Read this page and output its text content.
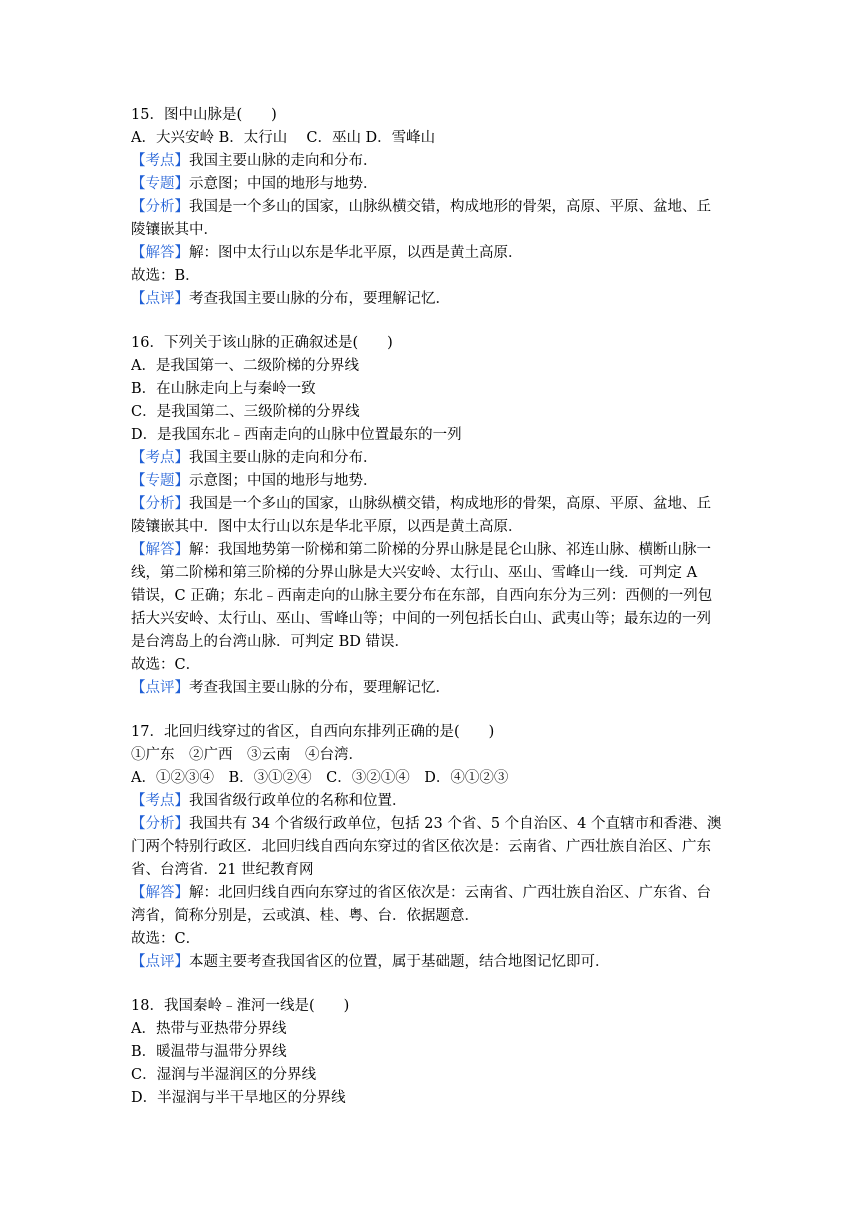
15．图中山脉是(　　)
A．大兴安岭 B．太行山　 C．巫山 D．雪峰山
【考点】我国主要山脉的走向和分布．
【专题】示意图；中国的地形与地势．
【分析】我国是一个多山的国家，山脉纵横交错，构成地形的骨架，高原、平原、盆地、丘
陵镶嵌其中．
【解答】解：图中太行山以东是华北平原，以西是黄土高原．
故选：B．
【点评】考查我国主要山脉的分布，要理解记忆．
16．下列关于该山脉的正确叙述是(　　)
A．是我国第一、二级阶梯的分界线
B．在山脉走向上与秦岭一致
C．是我国第二、三级阶梯的分界线
D．是我国东北﹣西南走向的山脉中位置最东的一列
【考点】我国主要山脉的走向和分布．
【专题】示意图；中国的地形与地势．
【分析】我国是一个多山的国家，山脉纵横交错，构成地形的骨架，高原、平原、盆地、丘
陵镶嵌其中．图中太行山以东是华北平原，以西是黄土高原．
【解答】解：我国地势第一阶梯和第二阶梯的分界山脉是昆仑山脉、祁连山脉、横断山脉一
线，第二阶梯和第三阶梯的分界山脉是大兴安岭、太行山、巫山、雪峰山一线．可判定 A
错误，C 正确；东北﹣西南走向的山脉主要分布在东部，自西向东分为三列：西侧的一列包
括大兴安岭、太行山、巫山、雪峰山等；中间的一列包括长白山、武夷山等；最东边的一列
是台湾岛上的台湾山脉．可判定 BD 错误．
故选：C．
【点评】考查我国主要山脉的分布，要理解记忆．
17．北回归线穿过的省区，自西向东排列正确的是(　　)
①广东　②广西　③云南　④台湾．
A．①②③④　B．③①②④　C．③②①④　D．④①②③
【考点】我国省级行政单位的名称和位置．
【分析】我国共有 34 个省级行政单位，包括 23 个省、5 个自治区、4 个直辖市和香港、澳
门两个特别行政区．北回归线自西向东穿过的省区依次是：云南省、广西壮族自治区、广东
省、台湾省．21 世纪教育网
【解答】解：北回归线自西向东穿过的省区依次是：云南省、广西壮族自治区、广东省、台
湾省，简称分别是，云或滇、桂、粤、台．依据题意．
故选：C．
【点评】本题主要考查我国省区的位置，属于基础题，结合地图记忆即可．
18．我国秦岭﹣淮河一线是(　　)
A．热带与亚热带分界线
B．暖温带与温带分界线
C．湿润与半湿润区的分界线
D．半湿润与半干旱地区的分界线
